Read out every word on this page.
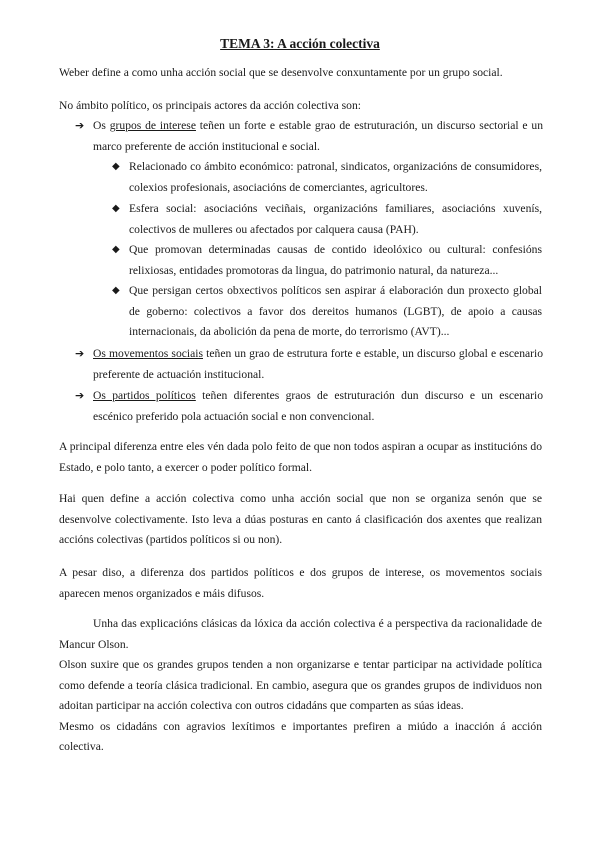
TEMA 3: A acción colectiva

Weber define a como unha acción social que se desenvolve conxuntamente por un grupo social.

No ámbito político, os principais actores da acción colectiva son:

➔ Os grupos de interese teñen un forte e estable grao de estruturación, un discurso sectorial e un marco preferente de acción institucional e social.
◆ Relacionado co ámbito económico: patronal, sindicatos, organizacións de consumidores, colexios profesionais, asociacións de comerciantes, agricultores.
◆ Esfera social: asociacións veciñais, organizacións familiares, asociacións xuvenís, colectivos de mulleres ou afectados por calquera causa (PAH).
◆ Que promovan determinadas causas de contido ideolóxico ou cultural: confesións relixiosas, entidades promotoras da lingua, do patrimonio natural, da natureza...
◆ Que persigan certos obxectivos políticos sen aspirar á elaboración dun proxecto global de goberno: colectivos a favor dos dereitos humanos (LGBT), de apoio a causas internacionais, da abolición da pena de morte, do terrorismo (AVT)...
➔ Os movementos sociais teñen un grao de estrutura forte e estable, un discurso global e escenario preferente de actuación institucional.
➔ Os partidos políticos teñen diferentes graos de estruturación dun discurso e un escenario escénico preferido pola actuación social e non convencional.

A principal diferenza entre eles vén dada polo feito de que non todos aspiran a ocupar as institucións do Estado, e polo tanto, a exercer o poder político formal.

Hai quen define a acción colectiva como unha acción social que non se organiza senón que se desenvolve colectivamente. Isto leva a dúas posturas en canto á clasificación dos axentes que realizan accións colectivas (partidos políticos si ou non).

A pesar diso, a diferenza dos partidos políticos e dos grupos de interese, os movementos sociais aparecen menos organizados e máis difusos.

Unha das explicacións clásicas da lóxica da acción colectiva é a perspectiva da racionalidade de Mancur Olson.

Olson suxire que os grandes grupos tenden a non organizarse e tentar participar na actividade política como defende a teoría clásica tradicional. En cambio, asegura que os grandes grupos de individuos non adoitan participar na acción colectiva con outros cidadáns que comparten as súas ideas.

Mesmo os cidadáns con agravios lexítimos e importantes prefiren a miúdo a inacción á acción colectiva.
